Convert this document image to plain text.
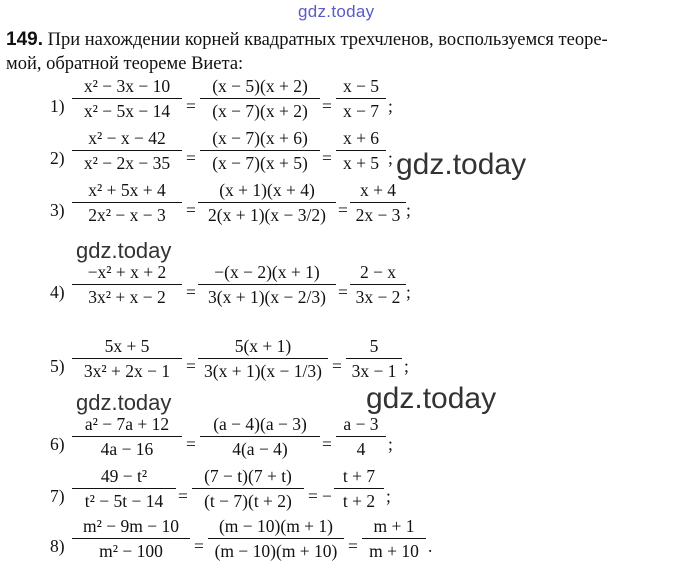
gdz.today
149. При нахождении корней квадратных трехчленов, воспользуемся теоре-
мой, обратной теореме Виета:
1)
x² − 3x − 10
x² − 5x − 14 =
(x − 5)(x + 2)
(x − 7)(x + 2) =
x − 5
x − 7 ;
2)
x² − x − 42
x² − 2x − 35 =
(x − 7)(x + 6)
(x − 7)(x + 5) =
x + 6
x + 5 ; gdz.today
3)
x² + 5x + 4
2x² − x − 3 =
(x + 1)(x + 4)
2(x + 1)(x − 3/2) =
x + 4
2x − 3 ;
gdz.today
4)
−x² + x + 2
3x² + x − 2 =
−(x − 2)(x + 1)
3(x + 1)(x − 2/3) =
2 − x
3x − 2 ;
5)
5x + 5
3x² + 2x − 1 =
5(x + 1)
3(x + 1)(x − 1/3) =
5
3x − 1 ;
gdz.today
gdz.today
6)
a² − 7a + 12
4a − 16 =
(a − 4)(a − 3)
4(a − 4) =
a − 3
4 ;
7)
49 − t²
t² − 5t − 14 =
(7 − t)(7 + t)
(t − 7)(t + 2) = −
t + 7
t + 2 ;
8)
m² − 9m − 10
m² − 100 =
(m − 10)(m + 1)
(m − 10)(m + 10) =
m + 1
m + 10 .
